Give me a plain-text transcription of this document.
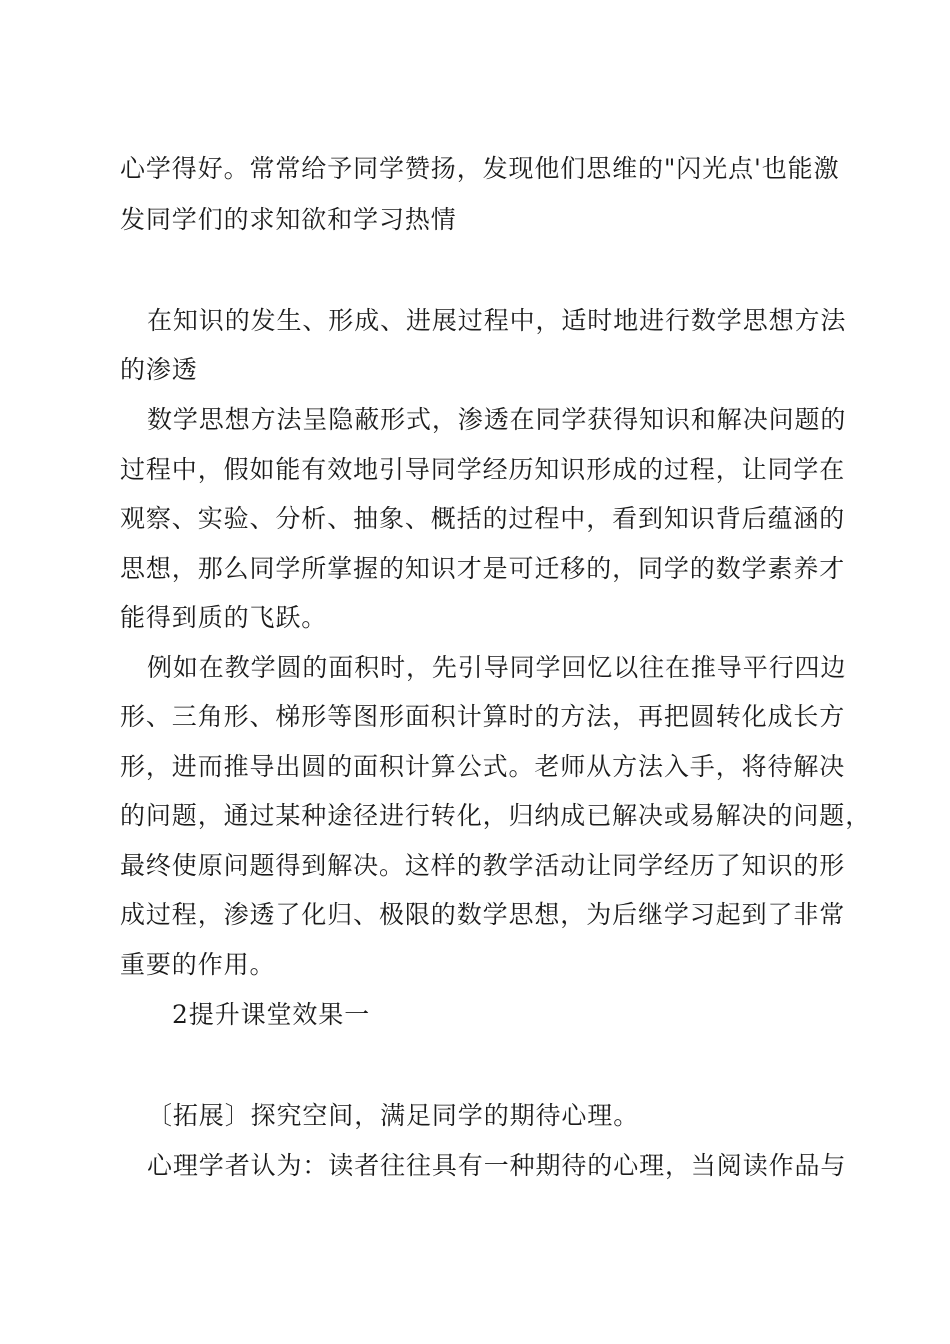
心学得好。常常给予同学赞扬，发现他们思维的"闪光点'也能激
发同学们的求知欲和学习热情
在知识的发生、形成、进展过程中，适时地进行数学思想方法
的渗透
数学思想方法呈隐蔽形式，渗透在同学获得知识和解决问题的
过程中，假如能有效地引导同学经历知识形成的过程，让同学在
观察、实验、分析、抽象、概括的过程中，看到知识背后蕴涵的
思想，那么同学所掌握的知识才是可迁移的，同学的数学素养才
能得到质的飞跃。
例如在教学圆的面积时，先引导同学回忆以往在推导平行四边
形、三角形、梯形等图形面积计算时的方法，再把圆转化成长方
形，进而推导出圆的面积计算公式。老师从方法入手，将待解决
的问题，通过某种途径进行转化，归纳成已解决或易解决的问题，
最终使原问题得到解决。这样的教学活动让同学经历了知识的形
成过程，渗透了化归、极限的数学思想，为后继学习起到了非常
重要的作用。
2提升课堂效果一
〔拓展〕探究空间，满足同学的期待心理。
心理学者认为：读者往往具有一种期待的心理，当阅读作品与
